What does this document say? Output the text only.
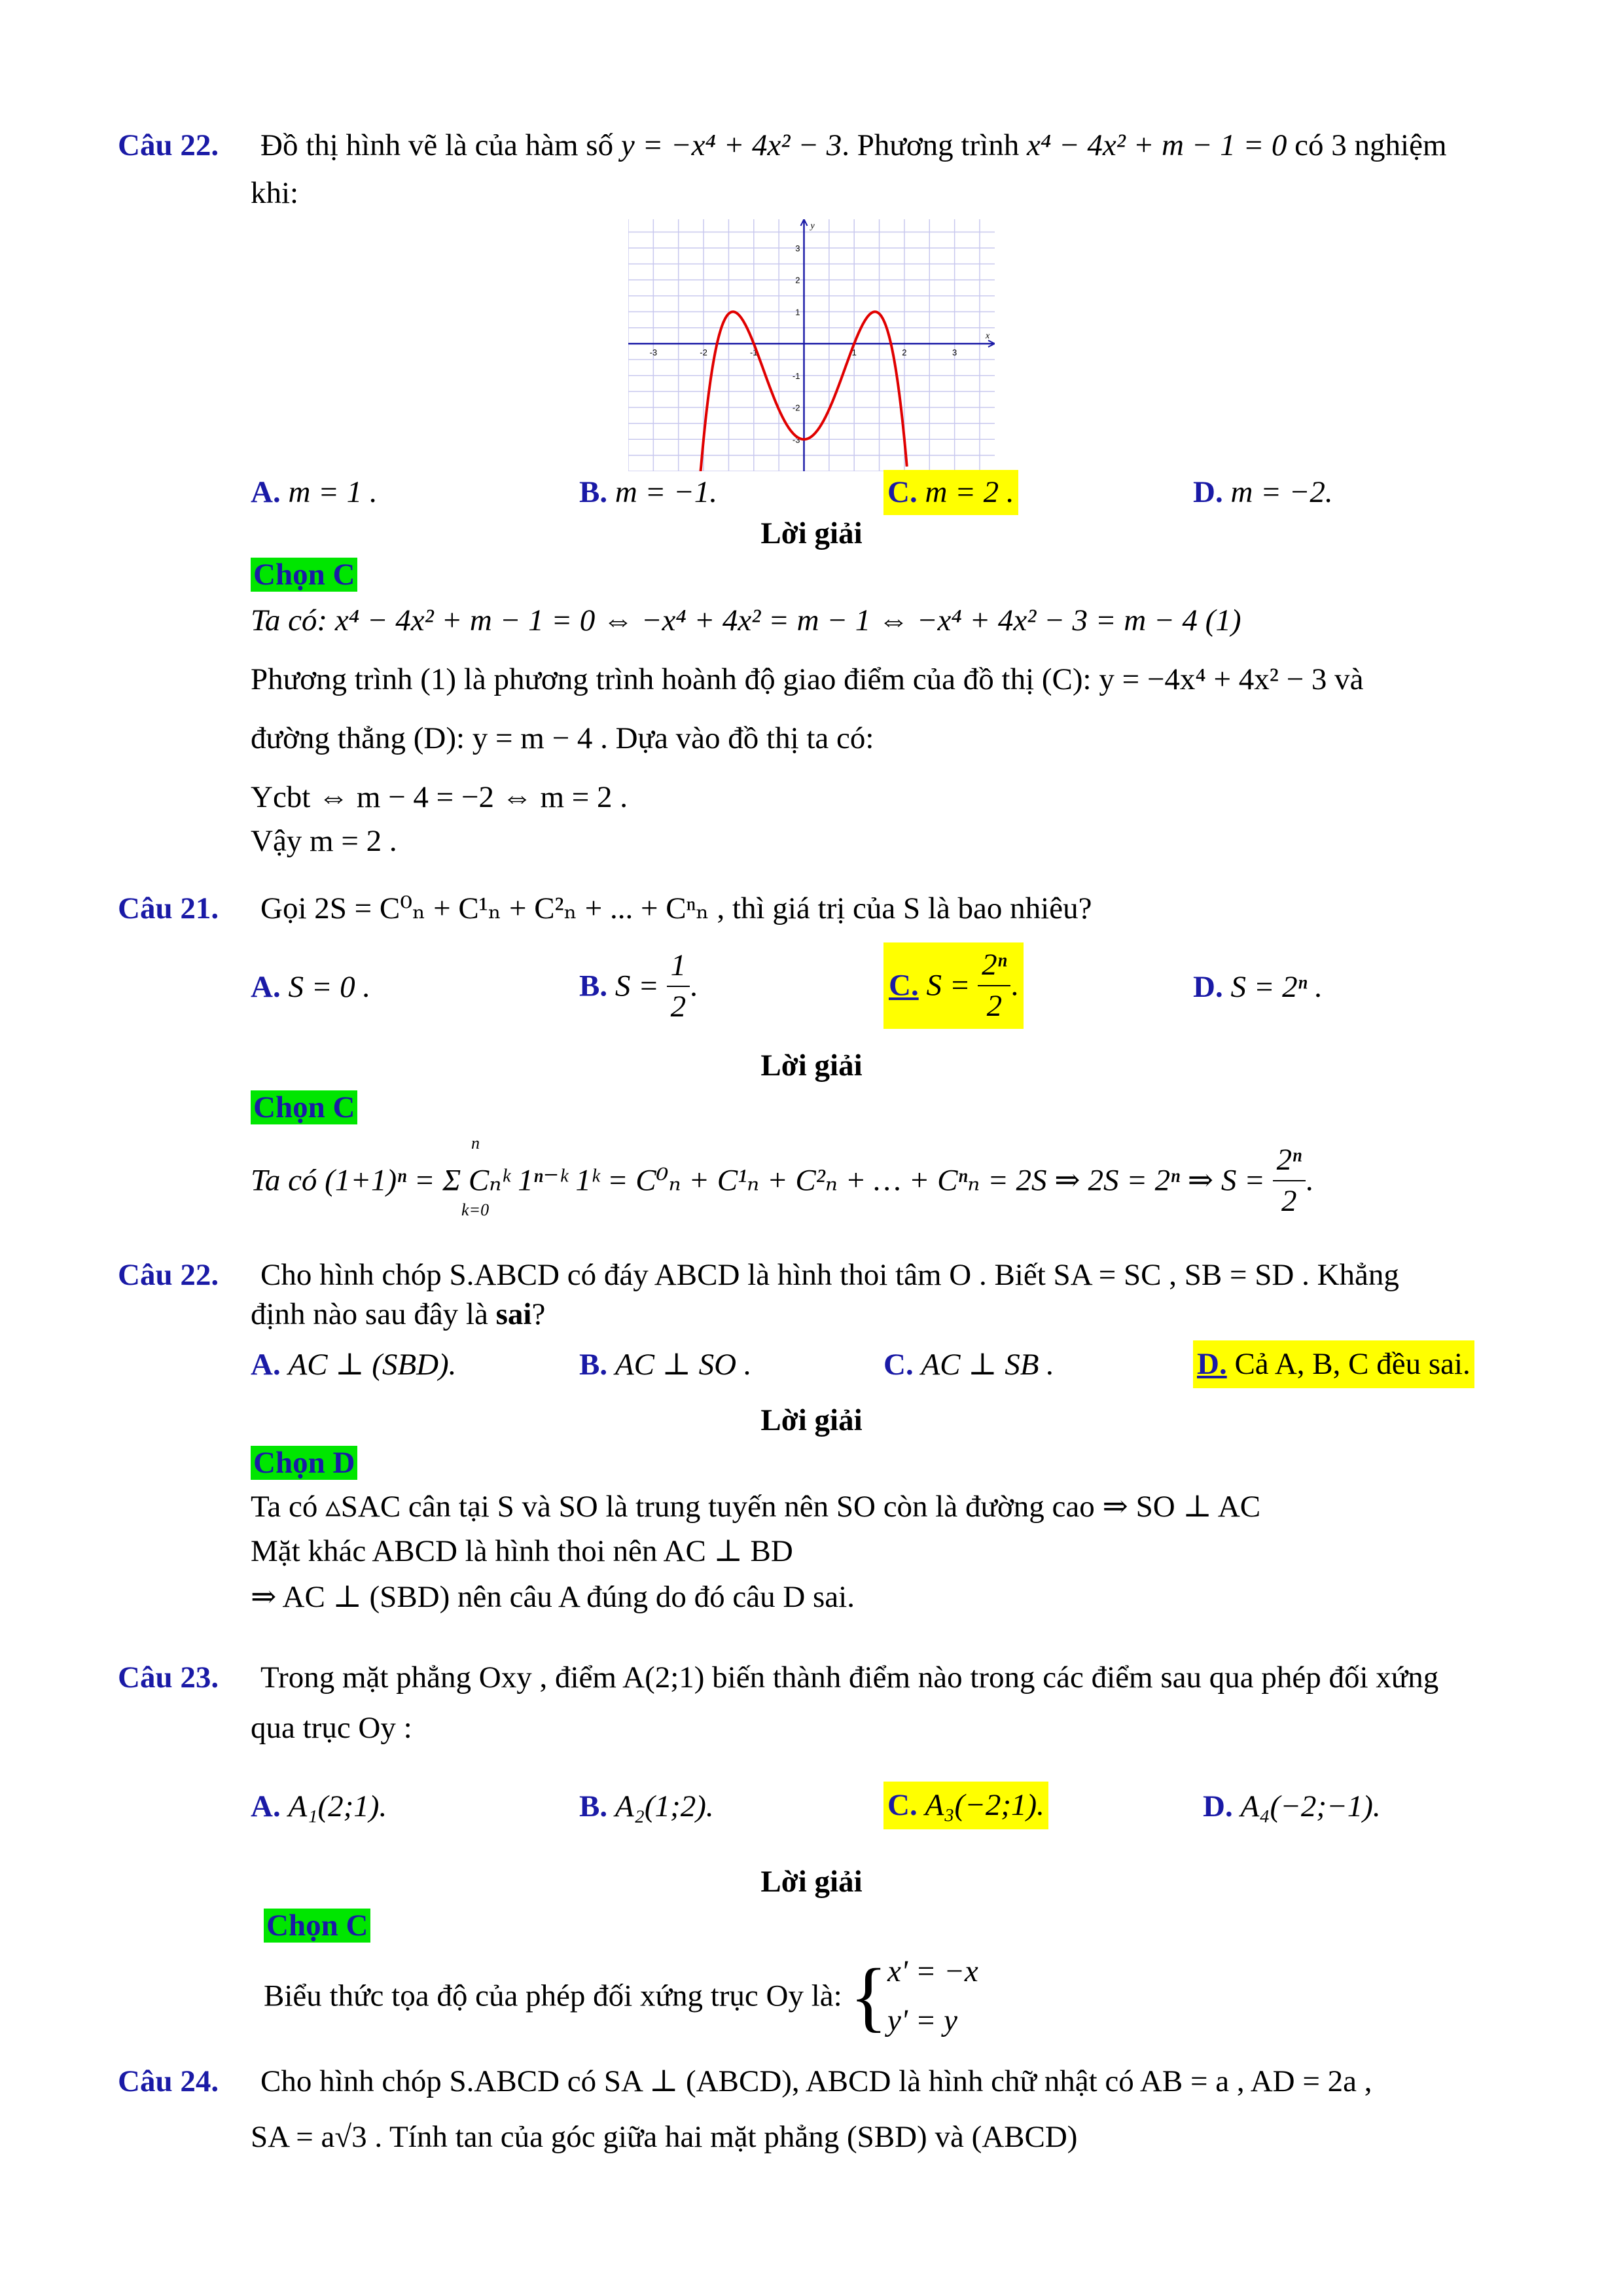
Câu 22. Đồ thị hình vẽ là của hàm số y = −x⁴ + 4x² − 3. Phương trình x⁴ − 4x² + m − 1 = 0 có 3 nghiệm
khi:
x
y
-3	-2	-1	1	2	3
3
2
1
-1
-2
-3
A. m = 1 .	B. m = −1.	C. m = 2 .	D. m = −2.
Lời giải
Chọn C
Ta có: x⁴ − 4x² + m − 1 = 0 ⇔ −x⁴ + 4x² = m − 1 ⇔ −x⁴ + 4x² − 3 = m − 4 (1)
Phương trình (1) là phương trình hoành độ giao điểm của đồ thị (C): y = −4x⁴ + 4x² − 3 và
đường thẳng (D): y = m − 4 . Dựa vào đồ thị ta có:
Ycbt ⇔ m − 4 = −2 ⇔ m = 2 .
Vậy m = 2 .
Câu 21. Gọi 2S = C⁰ₙ + C¹ₙ + C²ₙ + ... + Cⁿₙ , thì giá trị của S là bao nhiêu?
A. S = 0 .	B. $S = \frac{1}{2}$ .	C. $S = \frac{\text{2ⁿ}}{2}$ .	D. S = 2ⁿ .
Lời giải
Chọn C
Ta có (1+1)ⁿ = Σ Cₙᵏ 1ⁿ⁻ᵏ 1ᵏ = C⁰ₙ + C¹ₙ + C²ₙ + … + Cⁿₙ = 2S ⇒ 2S = 2ⁿ ⇒ $S = \frac{\text{2ⁿ}}{2}$ .
n
k=0
Câu 22. Cho hình chóp S.ABCD có đáy ABCD là hình thoi tâm O . Biết SA = SC , SB = SD . Khẳng
định nào sau đây là sai?
A. AC ⊥ (SBD).	B. AC ⊥ SO .	C. AC ⊥ SB .	D. Cả A, B, C đều sai.
Lời giải
Chọn D
Ta có ▵SAC cân tại S và SO là trung tuyến nên SO còn là đường cao ⇒ SO ⊥ AC
Mặt khác ABCD là hình thoi nên AC ⊥ BD
⇒ AC ⊥ (SBD) nên câu A đúng do đó câu D sai.
Câu 23. Trong mặt phẳng Oxy , điểm A(2;1) biến thành điểm nào trong các điểm sau qua phép đối xứng
qua trục Oy :
A. A₁(2;1).	B. A₂(1;2).	C. A₃(−2;1).	D. A₄(−2;−1).
Lời giải
Chọn C
Biểu thức tọa độ của phép đối xứng trục Oy là: { x' = −x
y' = y
Câu 24. Cho hình chóp S.ABCD có SA ⊥ (ABCD), ABCD là hình chữ nhật có AB = a , AD = 2a ,
SA = a√3 . Tính tan của góc giữa hai mặt phẳng (SBD) và (ABCD)
